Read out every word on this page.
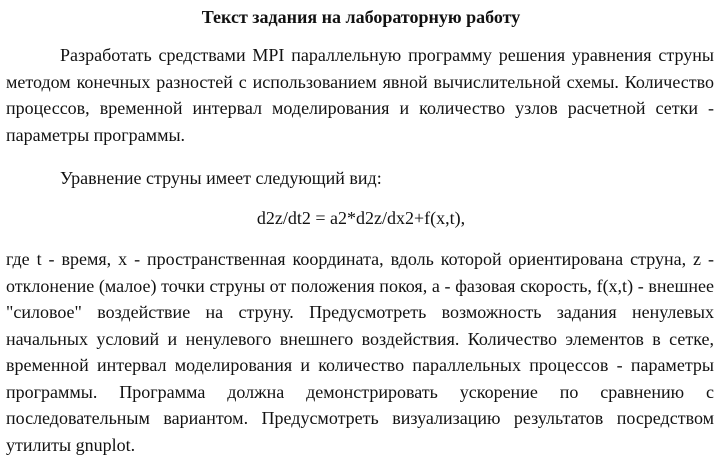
Текст задания на лабораторную работу

Разработать средствами MPI параллельную программу решения уравнения струны методом конечных разностей с использованием явной вычислительной схемы. Количество процессов, временной интервал моделирования и количество узлов расчетной сетки - параметры программы.

Уравнение струны имеет следующий вид:

d2z/dt2 = a2*d2z/dx2+f(x,t),

где t - время, x - пространственная координата, вдоль которой ориентирована струна, z - отклонение (малое) точки струны от положения покоя, a - фазовая скорость, f(x,t) - внешнее "силовое" воздействие на струну. Предусмотреть возможность задания ненулевых начальных условий и ненулевого внешнего воздействия. Количество элементов в сетке, временной интервал моделирования и количество параллельных процессов - параметры программы. Программа должна демонстрировать ускорение по сравнению с последовательным вариантом. Предусмотреть визуализацию результатов посредством утилиты gnuplot.
